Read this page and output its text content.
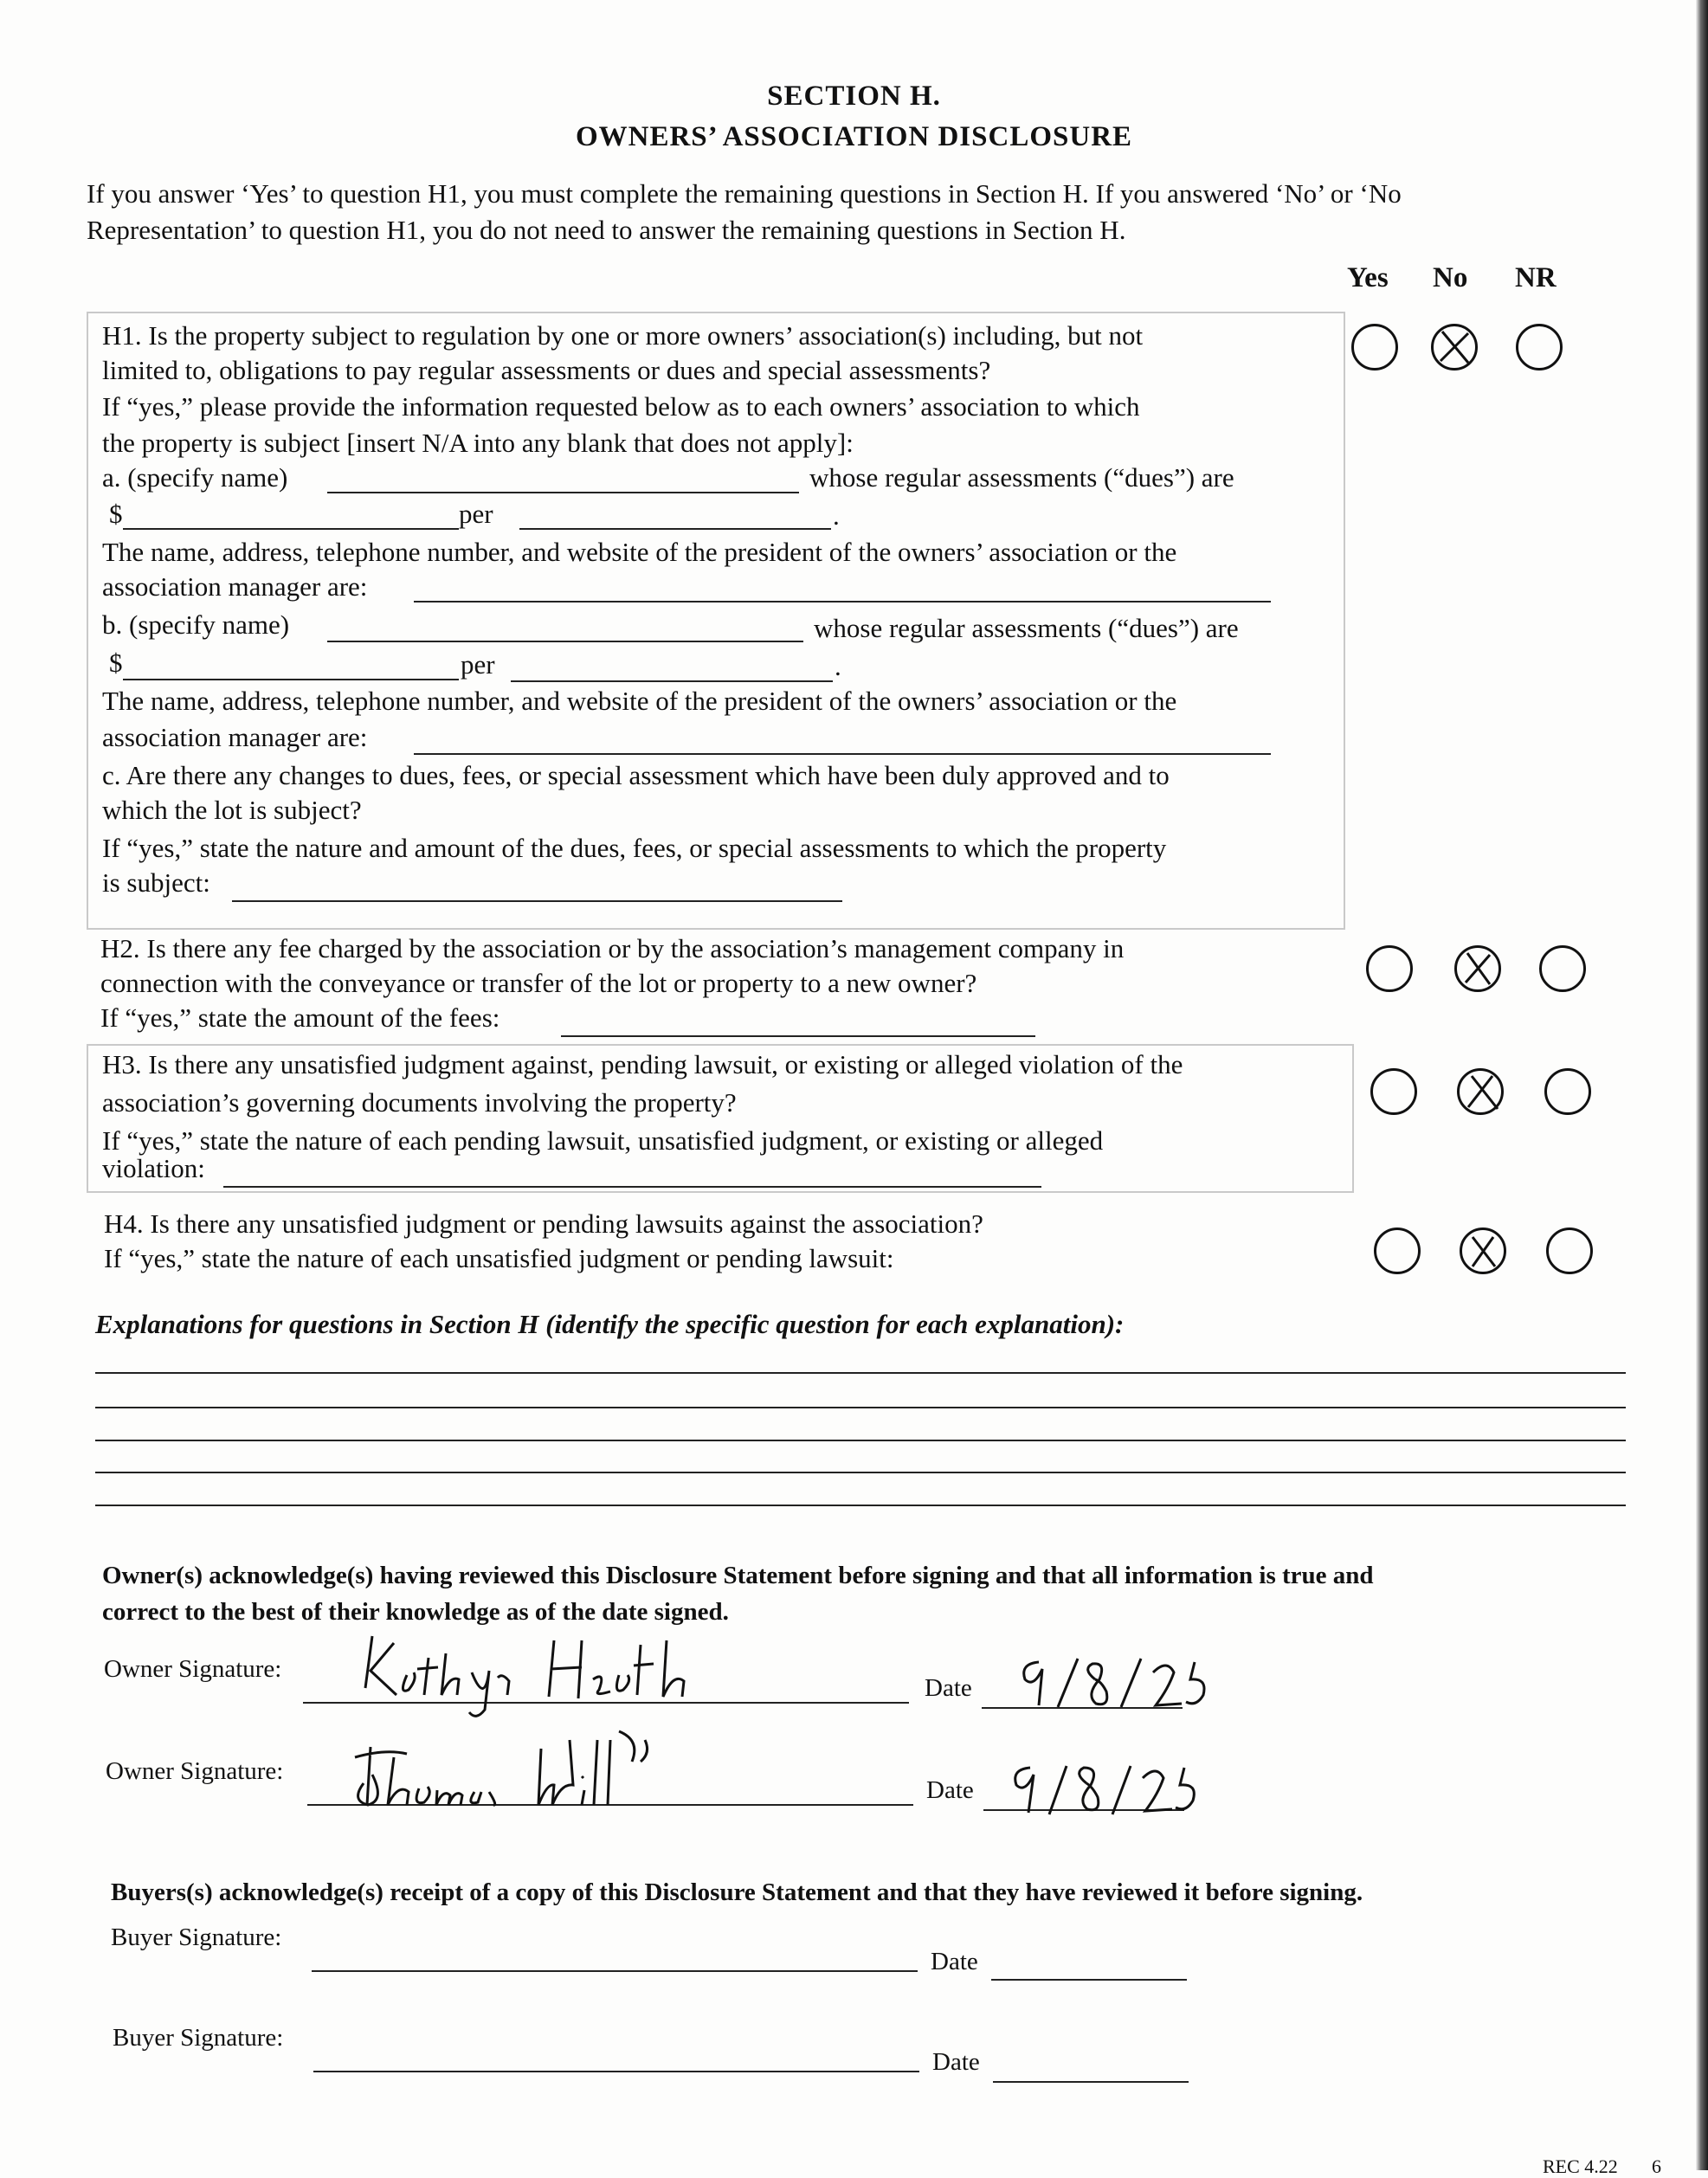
SECTION H.
OWNERS’ ASSOCIATION DISCLOSURE
If you answer ‘Yes’ to question H1, you must complete the remaining questions in Section H. If you answered ‘No’ or ‘No
Representation’ to question H1, you do not need to answer the remaining questions in Section H.
Yes No NR
H1. Is the property subject to regulation by one or more owners’ association(s) including, but not
limited to, obligations to pay regular assessments or dues and special assessments?
If “yes,” please provide the information requested below as to each owners’ association to which
the property is subject [insert N/A into any blank that does not apply]:
a. (specify name)	whose regular assessments (“dues”) are
$	per	.
The name, address, telephone number, and website of the president of the owners’ association or the
association manager are:
b. (specify name)	whose regular assessments (“dues”) are
$	per	.
The name, address, telephone number, and website of the president of the owners’ association or the
association manager are:
c. Are there any changes to dues, fees, or special assessment which have been duly approved and to
which the lot is subject?
If “yes,” state the nature and amount of the dues, fees, or special assessments to which the property
is subject:
H2. Is there any fee charged by the association or by the association’s management company in
connection with the conveyance or transfer of the lot or property to a new owner?
If “yes,” state the amount of the fees:
H3. Is there any unsatisfied judgment against, pending lawsuit, or existing or alleged violation of the
association’s governing documents involving the property?
If “yes,” state the nature of each pending lawsuit, unsatisfied judgment, or existing or alleged
violation:
H4. Is there any unsatisfied judgment or pending lawsuits against the association?
If “yes,” state the nature of each unsatisfied judgment or pending lawsuit:
Explanations for questions in Section H (identify the specific question for each explanation):
Owner(s) acknowledge(s) having reviewed this Disclosure Statement before signing and that all information is true and
correct to the best of their knowledge as of the date signed.
Owner Signature:
Date
Owner Signature:
Date
Buyers(s) acknowledge(s) receipt of a copy of this Disclosure Statement and that they have reviewed it before signing.
Buyer Signature:
Date
Buyer Signature:
Date
REC 4.22 6
